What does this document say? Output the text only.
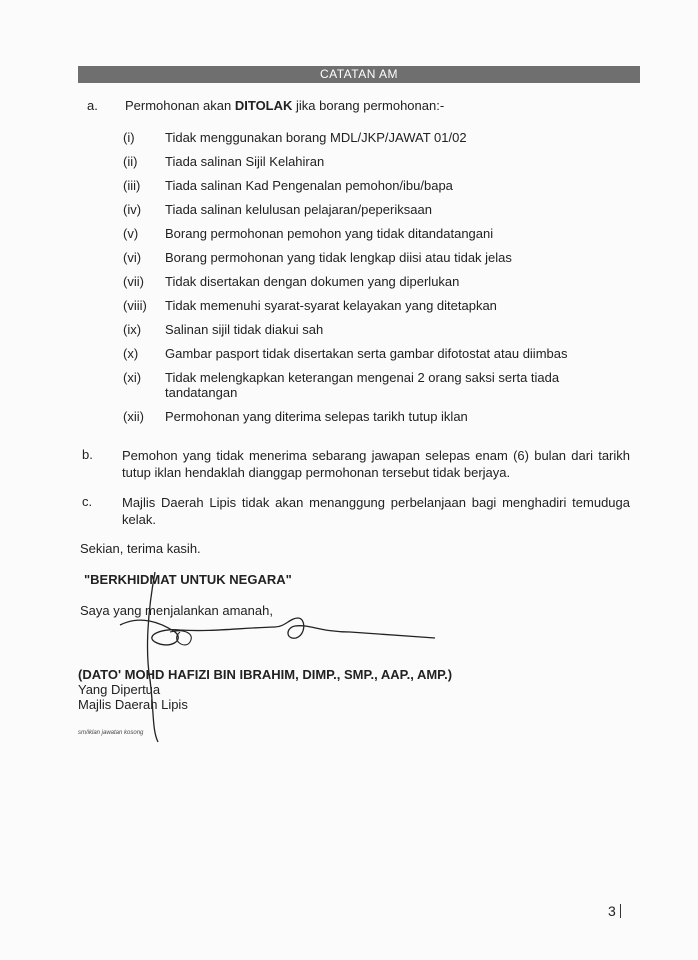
CATATAN AM
a. Permohonan akan DITOLAK jika borang permohonan:-
(i) Tidak menggunakan borang MDL/JKP/JAWAT 01/02
(ii) Tiada salinan Sijil Kelahiran
(iii) Tiada salinan Kad Pengenalan pemohon/ibu/bapa
(iv) Tiada salinan kelulusan pelajaran/peperiksaan
(v) Borang permohonan pemohon yang tidak ditandatangani
(vi) Borang permohonan yang tidak lengkap diisi atau tidak jelas
(vii) Tidak disertakan dengan dokumen yang diperlukan
(viii) Tidak memenuhi syarat-syarat kelayakan yang ditetapkan
(ix) Salinan sijil tidak diakui sah
(x) Gambar pasport tidak disertakan serta gambar difotostat atau diimbas
(xi) Tidak melengkapkan keterangan mengenai 2 orang saksi serta tiada
tandatangan
(xii) Permohonan yang diterima selepas tarikh tutup iklan
b. Pemohon yang tidak menerima sebarang jawapan selepas enam (6) bulan dari tarikh tutup iklan hendaklah dianggap permohonan tersebut tidak berjaya.
c. Majlis Daerah Lipis tidak akan menanggung perbelanjaan bagi menghadiri temuduga kelak.
Sekian, terima kasih.
"BERKHIDMAT UNTUK NEGARA"
Saya yang menjalankan amanah,
(DATO' MOHD HAFIZI BIN IBRAHIM, DIMP., SMP., AAP., AMP.)
Yang Dipertua
Majlis Daerah Lipis
sm/iklan jawatan kosong
3
